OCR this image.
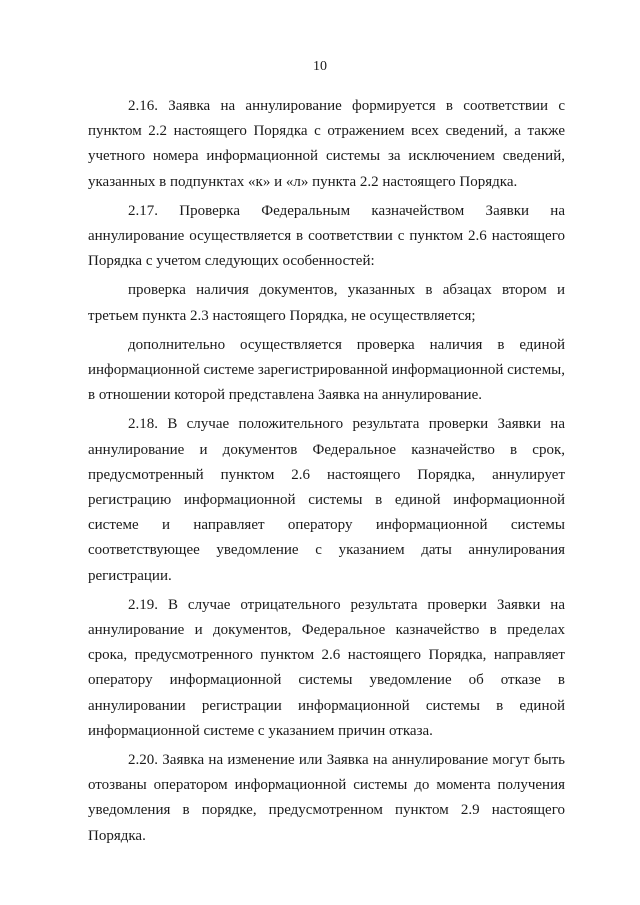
10

2.16. Заявка на аннулирование формируется в соответствии с пунктом 2.2 настоящего Порядка с отражением всех сведений, а также учетного номера информационной системы за исключением сведений, указанных в подпунктах «к» и «л» пункта 2.2 настоящего Порядка.

2.17. Проверка Федеральным казначейством Заявки на аннулирование осуществляется в соответствии с пунктом 2.6 настоящего Порядка с учетом следующих особенностей:

проверка наличия документов, указанных в абзацах втором и третьем пункта 2.3 настоящего Порядка, не осуществляется;

дополнительно осуществляется проверка наличия в единой информационной системе зарегистрированной информационной системы, в отношении которой представлена Заявка на аннулирование.

2.18. В случае положительного результата проверки Заявки на аннулирование и документов Федеральное казначейство в срок, предусмотренный пунктом 2.6 настоящего Порядка, аннулирует регистрацию информационной системы в единой информационной системе и направляет оператору информационной системы соответствующее уведомление с указанием даты аннулирования регистрации.

2.19. В случае отрицательного результата проверки Заявки на аннулирование и документов, Федеральное казначейство в пределах срока, предусмотренного пунктом 2.6 настоящего Порядка, направляет оператору информационной системы уведомление об отказе в аннулировании регистрации информационной системы в единой информационной системе с указанием причин отказа.

2.20. Заявка на изменение или Заявка на аннулирование могут быть отозваны оператором информационной системы до момента получения уведомления в порядке, предусмотренном пунктом 2.9 настоящего Порядка.
